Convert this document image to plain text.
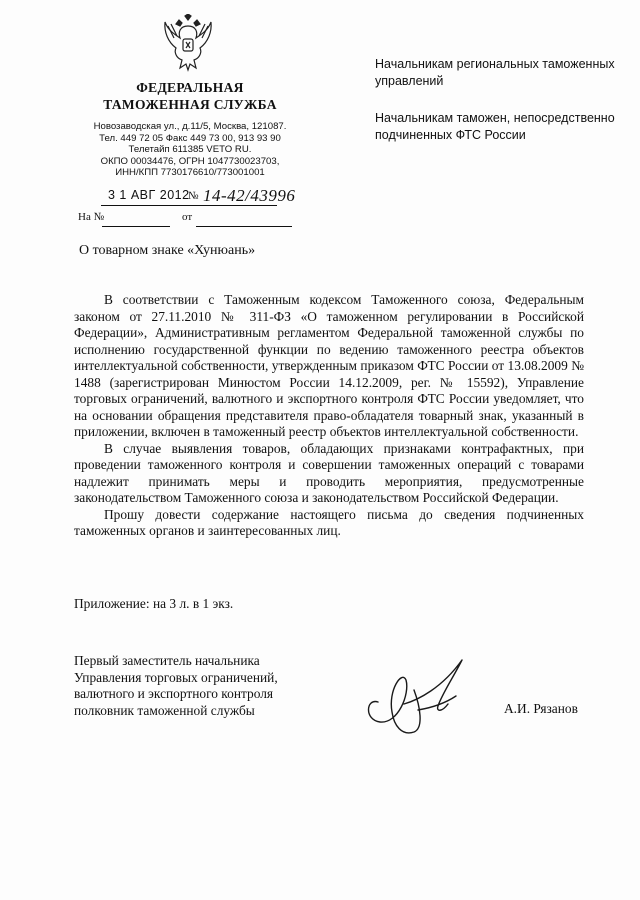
ФЕДЕРАЛЬНАЯ
ТАМОЖЕННАЯ СЛУЖБА
Новозаводская ул., д.11/5, Москва, 121087.
Тел. 449 72 05 Факс 449 73 00, 913 93 90
Телетайп 611385 VETO RU.
ОКПО 00034476, ОГРН 1047730023703,
ИНН/КПП 7730176610/773001001
3 1 АВГ 2012
№ 14-42/43996
На №	от
Начальникам региональных таможенных управлений
Начальникам таможен, непосредственно подчиненных ФТС России
О товарном знаке «Хунюань»

В соответствии с Таможенным кодексом Таможенного союза, Федеральным законом от 27.11.2010 № 311-ФЗ «О таможенном регулировании в Российской Федерации», Административным регламентом Федеральной таможенной службы по исполнению государственной функции по ведению таможенного реестра объектов интеллектуальной собственности, утвержденным приказом ФТС России от 13.08.2009 № 1488 (зарегистрирован Минюстом России 14.12.2009, рег. № 15592), Управление торговых ограничений, валютного и экспортного контроля ФТС России уведомляет, что на основании обращения представителя право-обладателя товарный знак, указанный в приложении, включен в таможенный реестр объектов интеллектуальной собственности.

В случае выявления товаров, обладающих признаками контрафактных, при проведении таможенного контроля и совершении таможенных операций с товарами надлежит принимать меры и проводить мероприятия, предусмотренные законодательством Таможенного союза и законодательством Российской Федерации.

Прошу довести содержание настоящего письма до сведения подчиненных таможенных органов и заинтересованных лиц.

Приложение: на 3 л. в 1 экз.
Первый заместитель начальника
Управления торговых ограничений,
валютного и экспортного контроля
полковник таможенной службы	А.И. Рязанов
